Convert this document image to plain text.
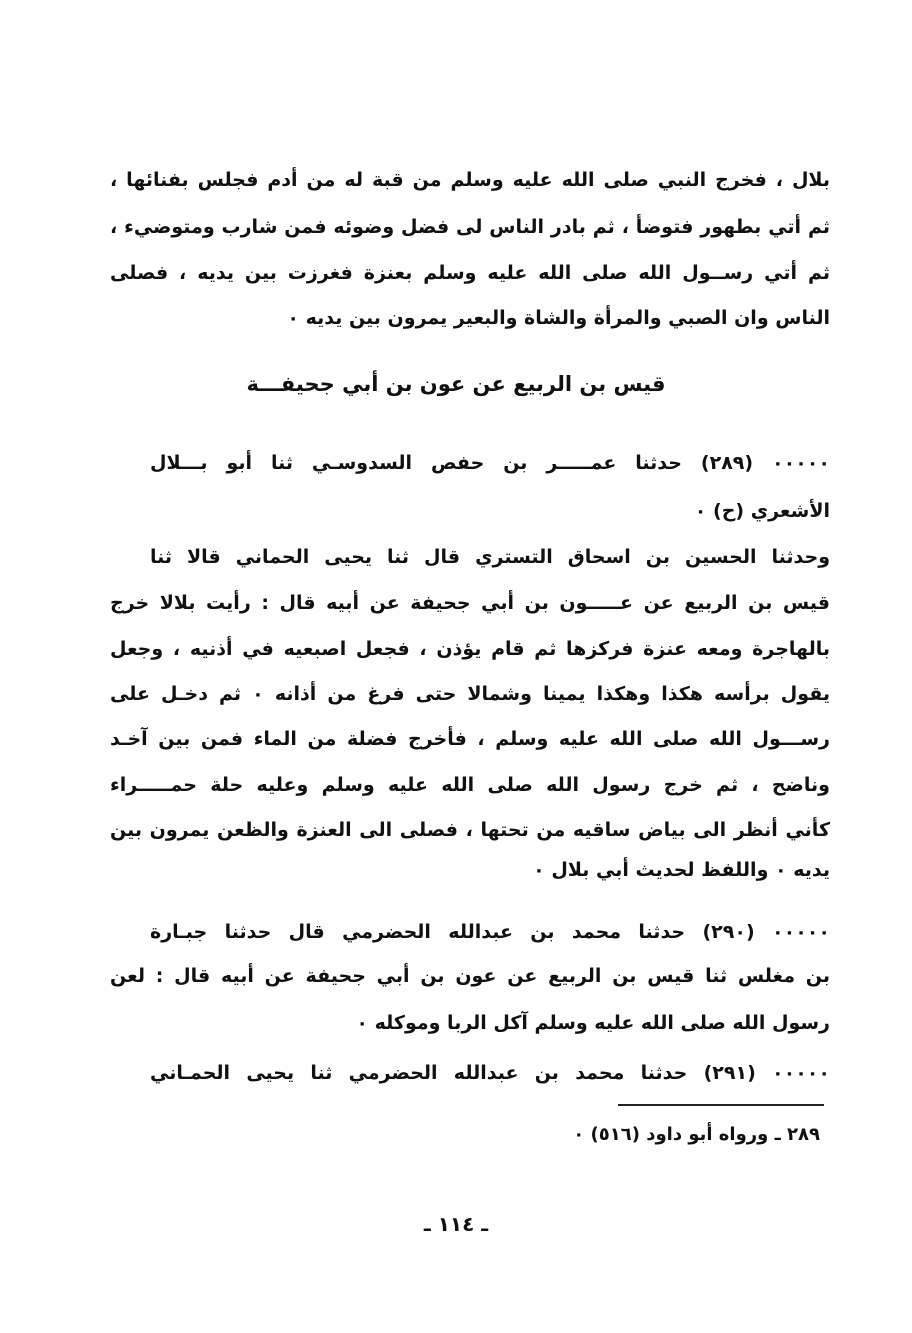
بلال ، فخرج النبي صلى الله عليه وسلم من قبة له من أدم فجلس بفنائها ،
ثم أتي بطهور فتوضأ ، ثم بادر الناس لى فضل وضوئه فمن شارب ومتوضيء ،
ثم أتي رســول الله صلى الله عليه وسلم بعنزة فغرزت بين يديه ، فصلى
الناس وان الصبي والمرأة والشاة والبعير يمرون بين يديه ٠
قيس بن الربيع عن عون بن أبي جحيفـــة
٠٠٠٠٠ (٢٨٩) حدثنا عمـــــر بن حفص السدوسـي ثنا أبو بـــلال
الأشعري (ح) ٠
وحدثنا الحسين بن اسحاق التستري قال ثنا يحيى الحماني قالا ثنا
قيس بن الربيع عن عـــــون بن أبي جحيفة عن أبيه قال : رأيت بلالا خرج
بالهاجرة ومعه عنزة فركزها ثم قام يؤذن ، فجعل اصبعيه في أذنيه ، وجعل
يقول برأسه هكذا وهكذا يمينا وشمالا حتى فرغ من أذانه ٠ ثم دخـل على
رســـول الله صلى الله عليه وسلم ، فأخرج فضلة من الماء فمن بين آخـد
وناضح ، ثم خرج رسول الله صلى الله عليه وسلم وعليه حلة حمـــــراء
كأني أنظر الى بياض ساقيه من تحتها ، فصلى الى العنزة والظعن يمرون بين
يديه ٠ واللفظ لحديث أبي بلال ٠
٠٠٠٠٠ (٢٩٠) حدثنا محمد بن عبدالله الحضرمي قال حدثنا جبـارة
بن مغلس ثنا قيس بن الربيع عن عون بن أبي جحيفة عن أبيه قال : لعن
رسول الله صلى الله عليه وسلم آكل الربا وموكله ٠
٠٠٠٠٠ (٢٩١) حدثنا محمد بن عبدالله الحضرمي ثنا يحيى الحمـاني
٢٨٩ ـ ورواه أبو داود (٥١٦) ٠
ـ ١١٤ ـ
